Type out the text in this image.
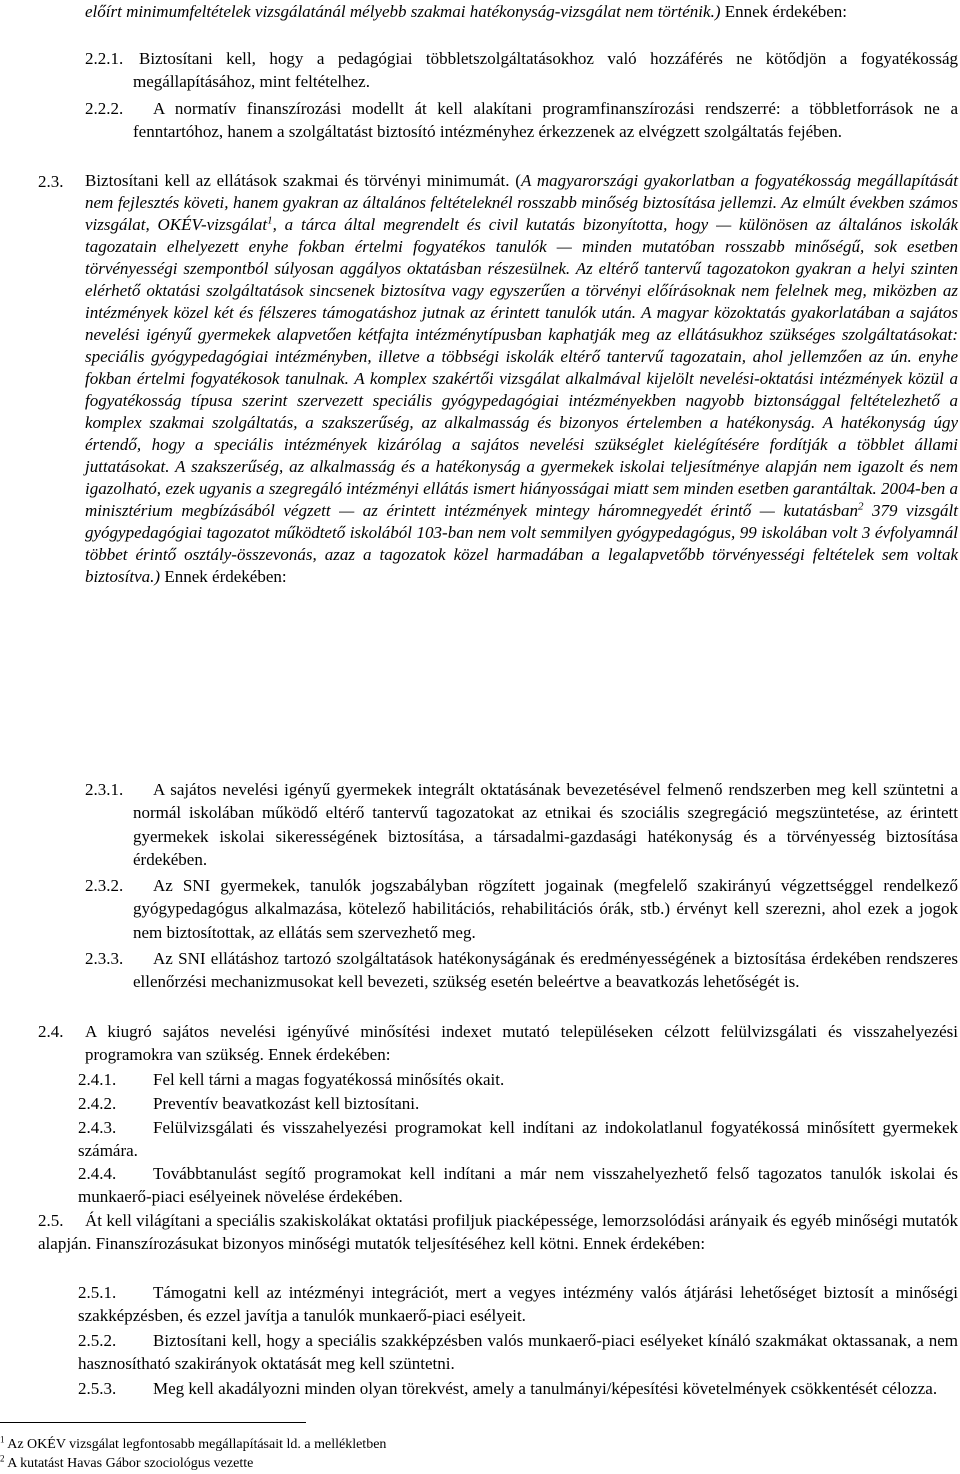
előírt minimumfeltételek vizsgálatánál mélyebb szakmai hatékonyság-vizsgálat nem történik.) Ennek érdekében:
2.2.1. Biztosítani kell, hogy a pedagógiai többletszolgáltatásokhoz való hozzáférés ne kötődjön a fogyatékosság megállapításához, mint feltételhez.
2.2.2.	A normatív finanszírozási modellt át kell alakítani programfinanszírozási rendszerré: a többletforrások ne a fenntartóhoz, hanem a szolgáltatást biztosító intézményhez érkezzenek az elvégzett szolgáltatás fejében.
2.3. Biztosítani kell az ellátások szakmai és törvényi minimumát. (A magyarországi gyakorlatban a fogyatékosság megállapítását nem fejlesztés követi, hanem gyakran az általános feltételeknél rosszabb minőség biztosítása jellemzi. Az elmúlt években számos vizsgálat, OKÉV-vizsgálat$^1$, a tárca által megrendelt és civil kutatás bizonyította, hogy — különösen az általános iskolák tagozatain elhelyezett enyhe fokban értelmi fogyatékos tanulók — minden mutatóban rosszabb minőségű, sok esetben törvényességi szempontból súlyosan aggályos oktatásban részesülnek. Az eltérő tantervű tagozatokon gyakran a helyi szinten elérhető oktatási szolgáltatások sincsenek biztosítva vagy egyszerűen a törvényi előírásoknak nem felelnek meg, miközben az intézmények közel két és félszeres támogatáshoz jutnak az érintett tanulók után. A magyar közoktatás gyakorlatában a sajátos nevelési igényű gyermekek alapvetően kétfajta intézménytípusban kaphatják meg az ellátásukhoz szükséges szolgáltatásokat: speciális gyógypedagógiai intézményben, illetve a többségi iskolák eltérő tantervű tagozatain, ahol jellemzően az ún. enyhe fokban értelmi fogyatékosok tanulnak. A komplex szakértői vizsgálat alkalmával kijelölt nevelési-oktatási intézmények közül a fogyatékosság típusa szerint szervezett speciális gyógypedagógiai intézményekben nagyobb biztonsággal feltételezhető a komplex szakmai szolgáltatás, a szakszerűség, az alkalmasság és bizonyos értelemben a hatékonyság. A hatékonyság úgy értendő, hogy a speciális intézmények kizárólag a sajátos nevelési szükséglet kielégítésére fordítják a többlet állami juttatásokat. A szakszerűség, az alkalmasság és a hatékonyság a gyermekek iskolai teljesítménye alapján nem igazolt és nem igazolható, ezek ugyanis a szegregáló intézményi ellátás ismert hiányosságai miatt sem minden esetben garantáltak. 2004-ben a minisztérium megbízásából végzett — az érintett intézmények mintegy háromnegyedét érintő — kutatásban$^2$ 379 vizsgált gyógypedagógiai tagozatot működtető iskolából 103-ban nem volt semmilyen gyógypedagógus, 99 iskolában volt 3 évfolyamnál többet érintő osztály-összevonás, azaz a tagozatok közel harmadában a legalapvetőbb törvényességi feltételek sem voltak biztosítva.) Ennek érdekében:
2.3.1.	A sajátos nevelési igényű gyermekek integrált oktatásának bevezetésével felmenő rendszerben meg kell szüntetni a normál iskolában működő eltérő tantervű tagozatokat az etnikai és szociális szegregáció megszüntetése, az érintett gyermekek iskolai sikerességének biztosítása, a társadalmi-gazdasági hatékonyság és a törvényesség biztosítása érdekében.
2.3.2.	Az SNI gyermekek, tanulók jogszabályban rögzített jogainak (megfelelő szakirányú végzettséggel rendelkező gyógypedagógus alkalmazása, kötelező habilitációs, rehabilitációs órák, stb.) érvényt kell szerezni, ahol ezek a jogok nem biztosítottak, az ellátás sem szervezhető meg.
2.3.3.	Az SNI ellátáshoz tartozó szolgáltatások hatékonyságának és eredményességének a biztosítása érdekében rendszeres ellenőrzési mechanizmusokat kell bevezeti, szükség esetén beleértve a beavatkozás lehetőségét is.
2.4. A kiugró sajátos nevelési igényűvé minősítési indexet mutató településeken célzott felülvizsgálati és visszahelyezési programokra van szükség. Ennek érdekében:
2.4.1. Fel kell tárni a magas fogyatékossá minősítés okait.
2.4.2. Preventív beavatkozást kell biztosítani.
2.4.3.	Felülvizsgálati és visszahelyezési programokat kell indítani az indokolatlanul fogyatékossá minősített gyermekek számára.
2.4.4.	Továbbtanulást segítő programokat kell indítani a már nem visszahelyezhető felső tagozatos tanulók iskolai és munkaerő-piaci esélyeinek növelése érdekében.
2.5.	Át kell világítani a speciális szakiskolákat oktatási profiljuk piacképessége, lemorzsolódási arányaik és egyéb minőségi mutatók alapján. Finanszírozásukat bizonyos minőségi mutatók teljesítéséhez kell kötni. Ennek érdekében:
2.5.1.	Támogatni kell az intézményi integrációt, mert a vegyes intézmény valós átjárási lehetőséget biztosít a minőségi szakképzésben, és ezzel javítja a tanulók munkaerő-piaci esélyeit.
2.5.2.	Biztosítani kell, hogy a speciális szakképzésben valós munkaerő-piaci esélyeket kínáló szakmákat oktassanak, a nem hasznosítható szakirányok oktatását meg kell szüntetni.
2.5.3.	Meg kell akadályozni minden olyan törekvést, amely a tanulmányi/képesítési követelmények csökkentését célozza.
$^1$ Az OKÉV vizsgálat legfontosabb megállapításait ld. a mellékletben
$^2$ A kutatást Havas Gábor szociológus vezette
